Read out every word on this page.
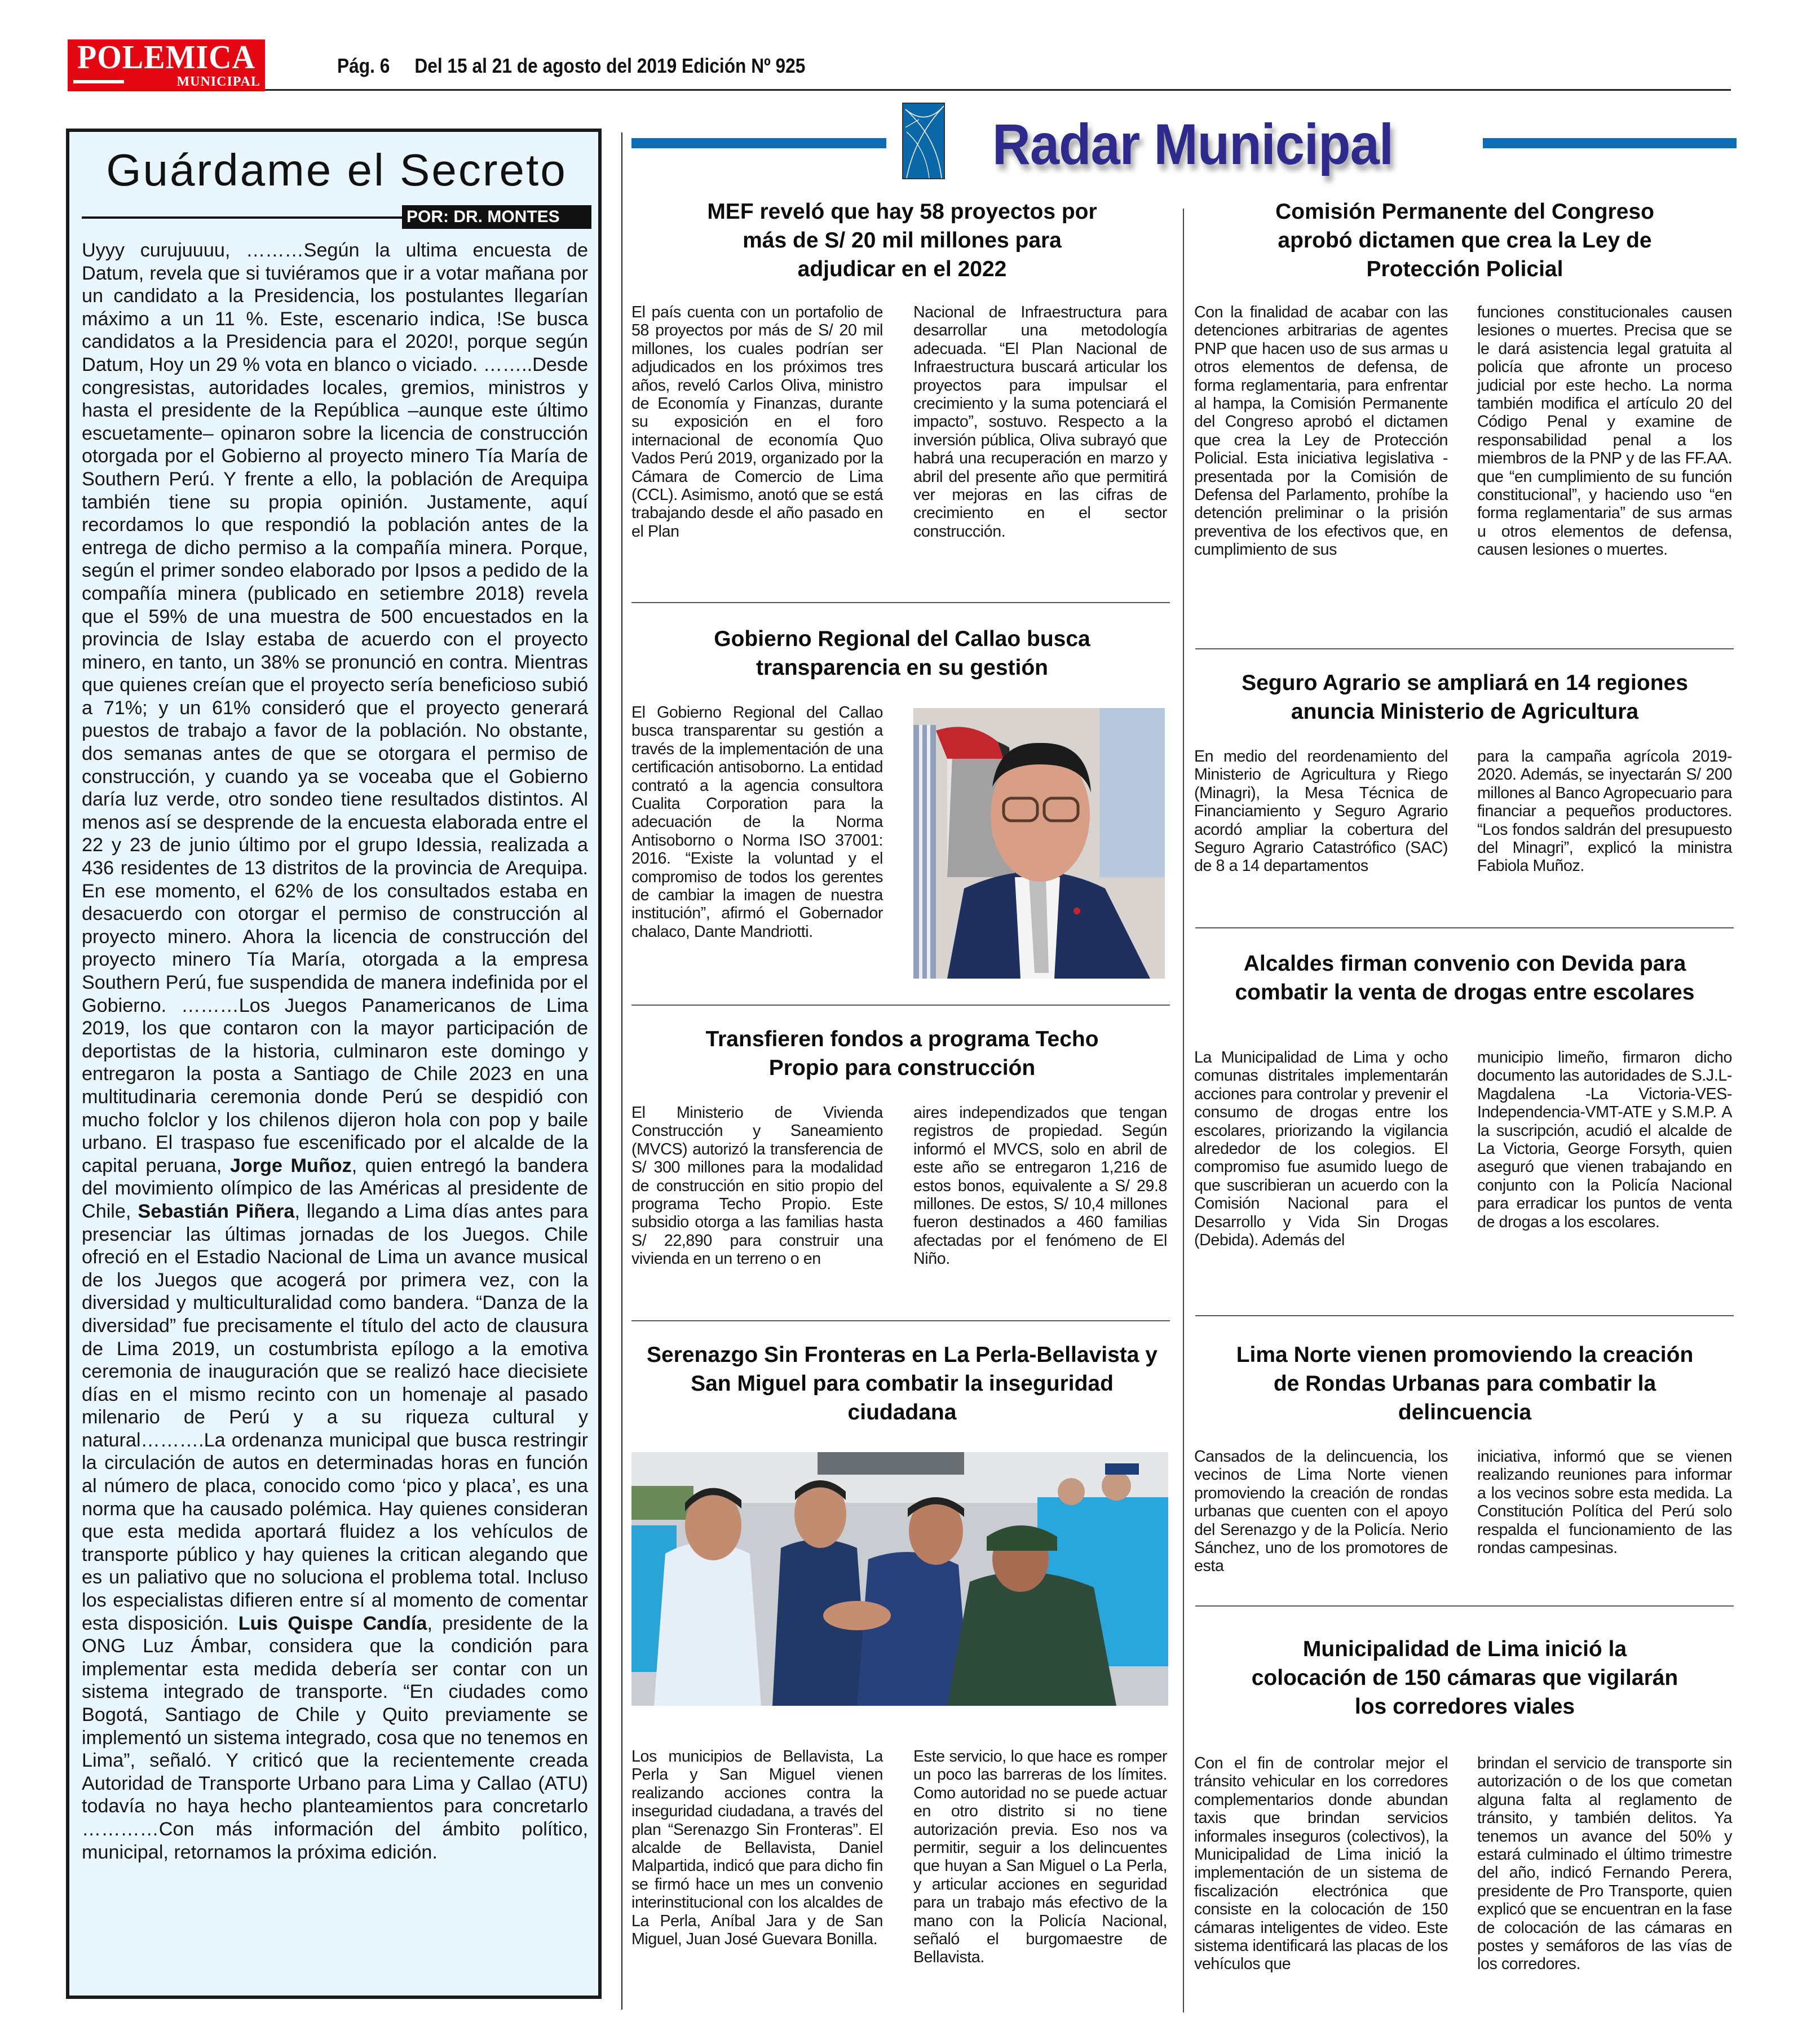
POLEMICA
MUNICIPAL
Pág. 6     Del 15 al 21 de agosto del 2019 Edición Nº 925
Guárdame el Secreto
POR: DR. MONTES

Uyyy curujuuuu, ………Según la ultima encuesta de Datum, revela que si tuviéramos que ir a votar mañana por un candidato a la Presidencia, los postulantes llegarían máximo a un 11 %. Este, escenario indica, !Se busca candidatos a la Presidencia para el 2020!, porque según Datum, Hoy un 29 % vota en blanco o viciado. ……..Desde congresistas, autoridades locales, gremios, ministros y hasta el presidente de la República –aunque este último escuetamente– opinaron sobre la licencia de construcción otorgada por el Gobierno al proyecto minero Tía María de Southern Perú. Y frente a ello, la población de Arequipa también tiene su propia opinión. Justamente, aquí recordamos lo que respondió la población antes de la entrega de dicho permiso a la compañía minera. Porque, según el primer sondeo elaborado por Ipsos a pedido de la compañía minera (publicado en setiembre 2018) revela que el 59% de una muestra de 500 encuestados en la provincia de Islay estaba de acuerdo con el proyecto minero, en tanto, un 38% se pronunció en contra. Mientras que quienes creían que el proyecto sería beneficioso subió a 71%; y un 61% consideró que el proyecto generará puestos de trabajo a favor de la población. No obstante, dos semanas antes de que se otorgara el permiso de construcción, y cuando ya se voceaba que el Gobierno daría luz verde, otro sondeo tiene resultados distintos. Al menos así se desprende de la encuesta elaborada entre el 22 y 23 de junio último por el grupo Idessia, realizada a 436 residentes de 13 distritos de la provincia de Arequipa. En ese momento, el 62% de los consultados estaba en desacuerdo con otorgar el permiso de construcción al proyecto minero. Ahora la licencia de construcción del proyecto minero Tía María, otorgada a la empresa Southern Perú, fue suspendida de manera indefinida por el Gobierno. ………Los Juegos Panamericanos de Lima 2019, los que contaron con la mayor participación de deportistas de la historia, culminaron este domingo y entregaron la posta a Santiago de Chile 2023 en una multitudinaria ceremonia donde Perú se despidió con mucho folclor y los chilenos dijeron hola con pop y baile urbano. El traspaso fue escenificado por el alcalde de la capital peruana, Jorge Muñoz, quien entregó la bandera del movimiento olímpico de las Américas al presidente de Chile, Sebastián Piñera, llegando a Lima días antes para presenciar las últimas jornadas de los Juegos. Chile ofreció en el Estadio Nacional de Lima un avance musical de los Juegos que acogerá por primera vez, con la diversidad y multiculturalidad como bandera. “Danza de la diversidad” fue precisamente el título del acto de clausura de Lima 2019, un costumbrista epílogo a la emotiva ceremonia de inauguración que se realizó hace diecisiete días en el mismo recinto con un homenaje al pasado milenario de Perú y a su riqueza cultural y natural……….La ordenanza municipal que busca restringir la circulación de autos en determinadas horas en función al número de placa, conocido como ‘pico y placa’, es una norma que ha causado polémica. Hay quienes consideran que esta medida aportará fluidez a los vehículos de transporte público y hay quienes la critican alegando que es un paliativo que no soluciona el problema total. Incluso los especialistas difieren entre sí al momento de comentar esta disposición. Luis Quispe Candía, presidente de la ONG Luz Ámbar, considera que la condición para implementar esta medida debería ser contar con un sistema integrado de transporte. “En ciudades como Bogotá, Santiago de Chile y Quito previamente se implementó un sistema integrado, cosa que no tenemos en Lima”, señaló. Y criticó que la recientemente creada Autoridad de Transporte Urbano para Lima y Callao (ATU) todavía no haya hecho planteamientos para concretarlo …………Con más información del ámbito político, municipal, retornamos la próxima edición.

Radar Municipal
MEF reveló que hay 58 proyectos por más de S/ 20 mil millones para adjudicar en el 2022

El país cuenta con un portafolio de 58 proyectos por más de S/ 20 mil millones, los cuales podrían ser adjudicados en los próximos tres años, reveló Carlos Oliva, ministro de Economía y Finanzas, durante su exposición en el foro internacional de economía Quo Vados Perú 2019, organizado por la Cámara de Comercio de Lima (CCL). Asimismo, anotó que se está trabajando desde el año pasado en el Plan

Nacional de Infraestructura para desarrollar una metodología adecuada. “El Plan Nacional de Infraestructura buscará articular los proyectos para impulsar el crecimiento y la suma potenciará el impacto”, sostuvo. Respecto a la inversión pública, Oliva subrayó que habrá una recuperación en marzo y abril del presente año que permitirá ver mejoras en las cifras de crecimiento en el sector construcción.

Comisión Permanente del Congreso aprobó dictamen que crea la Ley de Protección Policial

Con la finalidad de acabar con las detenciones arbitrarias de agentes PNP que hacen uso de sus armas u otros elementos de defensa, de forma reglamentaria, para enfrentar al hampa, la Comisión Permanente del Congreso aprobó el dictamen que crea la Ley de Protección Policial. Esta iniciativa legislativa -presentada por la Comisión de Defensa del Parlamento, prohíbe la detención preliminar o la prisión preventiva de los efectivos que, en cumplimiento de sus

funciones constitucionales causen lesiones o muertes. Precisa que se le dará asistencia legal gratuita al policía que afronte un proceso judicial por este hecho. La norma también modifica el artículo 20 del Código Penal y examine de responsabilidad penal a los miembros de la PNP y de las FF.AA. que “en cumplimiento de su función constitucional”, y haciendo uso “en forma reglamentaria” de sus armas u otros elementos de defensa, causen lesiones o muertes.

Gobierno Regional del Callao busca transparencia en su gestión

El Gobierno Regional del Callao busca transparentar su gestión a través de la implementación de una certificación antisoborno. La entidad contrató a la agencia consultora Cualita Corporation para la adecuación de la Norma Antisoborno o Norma ISO 37001: 2016. “Existe la voluntad y el compromiso de todos los gerentes de cambiar la imagen de nuestra institución”, afirmó el Gobernador chalaco, Dante Mandriotti.

Seguro Agrario se ampliará en 14 regiones anuncia Ministerio de Agricultura

En medio del reordenamiento del Ministerio de Agricultura y Riego (Minagri), la Mesa Técnica de Financiamiento y Seguro Agrario acordó ampliar la cobertura del Seguro Agrario Catastrófico (SAC) de 8 a 14 departamentos

para la campaña agrícola 2019-2020. Además, se inyectarán S/ 200 millones al Banco Agropecuario para financiar a pequeños productores. “Los fondos saldrán del presupuesto del Minagri”, explicó la ministra Fabiola Muñoz.

Transfieren fondos a programa Techo Propio para construcción

El Ministerio de Vivienda Construcción y Saneamiento (MVCS) autorizó la transferencia de S/ 300 millones para la modalidad de construcción en sitio propio del programa Techo Propio. Este subsidio otorga a las familias hasta S/ 22,890 para construir una vivienda en un terreno o en

aires independizados que tengan registros de propiedad. Según informó el MVCS, solo en abril de este año se entregaron 1,216 de estos bonos, equivalente a S/ 29.8 millones. De estos, S/ 10,4 millones fueron destinados a 460 familias afectadas por el fenómeno de El Niño.

Alcaldes firman convenio con Devida para combatir la venta de drogas entre escolares

La Municipalidad de Lima y ocho comunas distritales implementarán acciones para controlar y prevenir el consumo de drogas entre los escolares, priorizando la vigilancia alrededor de los colegios. El compromiso fue asumido luego de que suscribieran un acuerdo con la Comisión Nacional para el Desarrollo y Vida Sin Drogas (Debida). Además del

municipio limeño, firmaron dicho documento las autoridades de S.J.L-Magdalena -La Victoria-VES-Independencia-VMT-ATE y S.M.P. A la suscripción, acudió el alcalde de La Victoria, George Forsyth, quien aseguró que vienen trabajando en conjunto con la Policía Nacional para erradicar los puntos de venta de drogas a los escolares.

Serenazgo Sin Fronteras en La Perla-Bellavista y San Miguel para combatir la inseguridad ciudadana

Los municipios de Bellavista, La Perla y San Miguel vienen realizando acciones contra la inseguridad ciudadana, a través del plan “Serenazgo Sin Fronteras”. El alcalde de Bellavista, Daniel Malpartida, indicó que para dicho fin se firmó hace un mes un convenio interinstitucional con los alcaldes de La Perla, Aníbal Jara y de San Miguel, Juan José Guevara Bonilla.

Este servicio, lo que hace es romper un poco las barreras de los límites. Como autoridad no se puede actuar en otro distrito si no tiene autorización previa. Eso nos va permitir, seguir a los delincuentes que huyan a San Miguel o La Perla, y articular acciones en seguridad para un trabajo más efectivo de la mano con la Policía Nacional, señaló el burgomaestre de Bellavista.

Lima Norte vienen promoviendo la creación de Rondas Urbanas para combatir la delincuencia

Cansados de la delincuencia, los vecinos de Lima Norte vienen promoviendo la creación de rondas urbanas que cuenten con el apoyo del Serenazgo y de la Policía. Nerio Sánchez, uno de los promotores de esta

iniciativa, informó que se vienen realizando reuniones para informar a los vecinos sobre esta medida. La Constitución Política del Perú solo respalda el funcionamiento de las rondas campesinas.

Municipalidad de Lima inició la colocación de 150 cámaras que vigilarán los corredores viales

Con el fin de controlar mejor el tránsito vehicular en los corredores complementarios donde abundan taxis que brindan servicios informales inseguros (colectivos), la Municipalidad de Lima inició la implementación de un sistema de fiscalización electrónica que consiste en la colocación de 150 cámaras inteligentes de video. Este sistema identificará las placas de los vehículos que

brindan el servicio de transporte sin autorización o de los que cometan alguna falta al reglamento de tránsito, y también delitos. Ya tenemos un avance del 50% y estará culminado el último trimestre del año, indicó Fernando Perera, presidente de Pro Transporte, quien explicó que se encuentran en la fase de colocación de las cámaras en postes y semáforos de las vías de los corredores.
